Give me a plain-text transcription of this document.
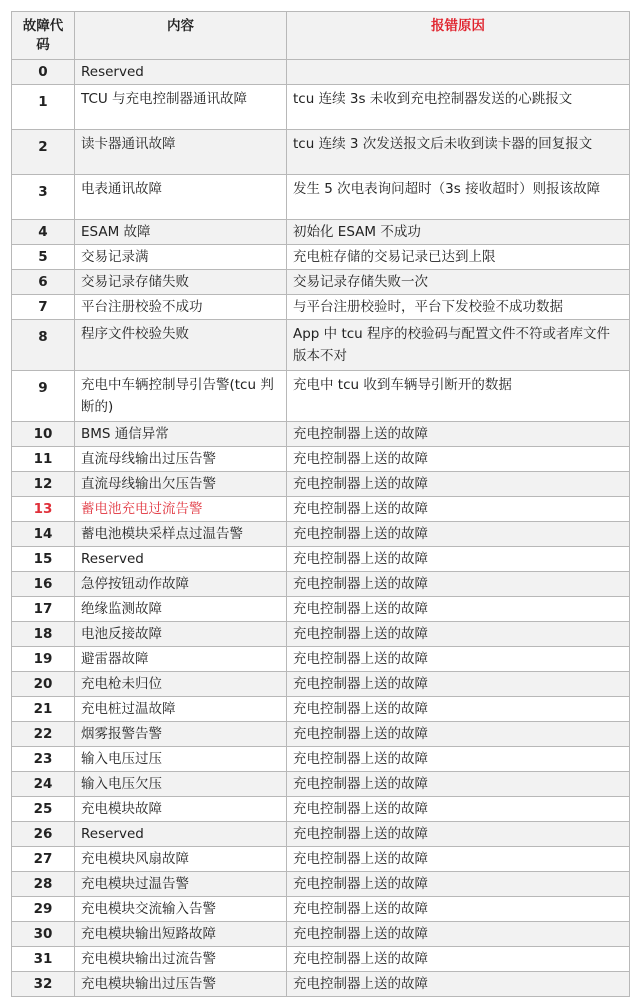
故障代码	内容	报错原因
0	Reserved	
1	TCU 与充电控制器通讯故障	tcu 连续 3s 未收到充电控制器发送的心跳报文
2	读卡器通讯故障	tcu 连续 3 次发送报文后未收到读卡器的回复报文
3	电表通讯故障	发生 5 次电表询问超时（3s 接收超时）则报该故障
4	ESAM 故障	初始化 ESAM 不成功
5	交易记录满	充电桩存储的交易记录已达到上限
6	交易记录存储失败	交易记录存储失败一次
7	平台注册校验不成功	与平台注册校验时，平台下发校验不成功数据
8	程序文件校验失败	App 中 tcu 程序的校验码与配置文件不符或者库文件版本不对
9	充电中车辆控制导引告警(tcu 判断的)	充电中 tcu 收到车辆导引断开的数据
10	BMS 通信异常	充电控制器上送的故障
11	直流母线输出过压告警	充电控制器上送的故障
12	直流母线输出欠压告警	充电控制器上送的故障
13	蓄电池充电过流告警	充电控制器上送的故障
14	蓄电池模块采样点过温告警	充电控制器上送的故障
15	Reserved	充电控制器上送的故障
16	急停按钮动作故障	充电控制器上送的故障
17	绝缘监测故障	充电控制器上送的故障
18	电池反接故障	充电控制器上送的故障
19	避雷器故障	充电控制器上送的故障
20	充电枪未归位	充电控制器上送的故障
21	充电桩过温故障	充电控制器上送的故障
22	烟雾报警告警	充电控制器上送的故障
23	输入电压过压	充电控制器上送的故障
24	输入电压欠压	充电控制器上送的故障
25	充电模块故障	充电控制器上送的故障
26	Reserved	充电控制器上送的故障
27	充电模块风扇故障	充电控制器上送的故障
28	充电模块过温告警	充电控制器上送的故障
29	充电模块交流输入告警	充电控制器上送的故障
30	充电模块输出短路故障	充电控制器上送的故障
31	充电模块输出过流告警	充电控制器上送的故障
32	充电模块输出过压告警	充电控制器上送的故障
